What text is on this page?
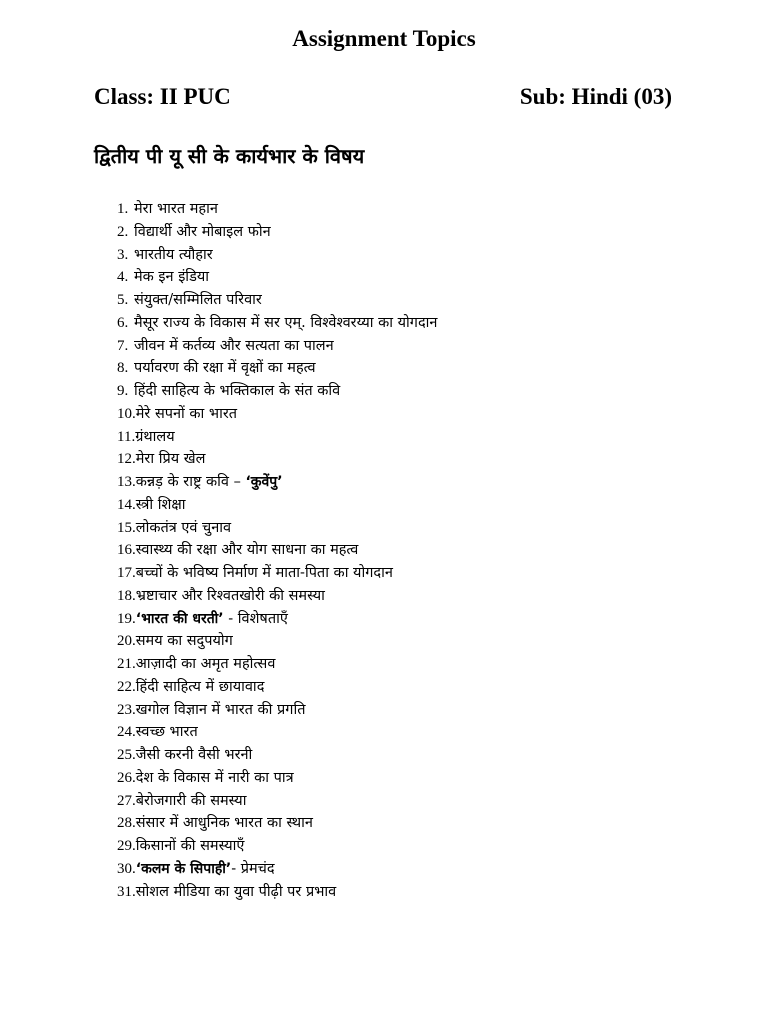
Assignment Topics
Class: II PUC	Sub: Hindi (03)
द्वितीय पी यू सी के कार्यभार के विषय
1. मेरा भारत महान
2. विद्यार्थी और मोबाइल फोन
3. भारतीय त्यौहार
4. मेक इन इंडिया
5. संयुक्त/सम्मिलित परिवार
6. मैसूर राज्य के विकास में सर एम्. विश्वेश्वरय्या का योगदान
7. जीवन में कर्तव्य और सत्यता का पालन
8. पर्यावरण की रक्षा में वृक्षों का महत्व
9. हिंदी साहित्य के भक्तिकाल के संत कवि
10.मेरे सपनों का भारत
11.ग्रंथालय
12.मेरा प्रिय खेल
13.कन्नड़ के राष्ट्र कवि – ‘कुवेंपु’
14.स्त्री शिक्षा
15.लोकतंत्र एवं चुनाव
16.स्वास्थ्य की रक्षा और योग साधना का महत्व
17.बच्चों के भविष्य निर्माण में माता-पिता का योगदान
18.भ्रष्टाचार और रिश्वतखोरी की समस्या
19.‘भारत की धरती’ - विशेषताएँ
20.समय का सदुपयोग
21.आज़ादी का अमृत महोत्सव
22.हिंदी साहित्य में छायावाद
23.खगोल विज्ञान में भारत की प्रगति
24.स्वच्छ भारत
25.जैसी करनी वैसी भरनी
26.देश के विकास में नारी का पात्र
27.बेरोजगारी की समस्या
28.संसार में आधुनिक भारत का स्थान
29.किसानों की समस्याएँ
30.‘कलम के सिपाही’- प्रेमचंद
31.सोशल मीडिया का युवा पीढ़ी पर प्रभाव
